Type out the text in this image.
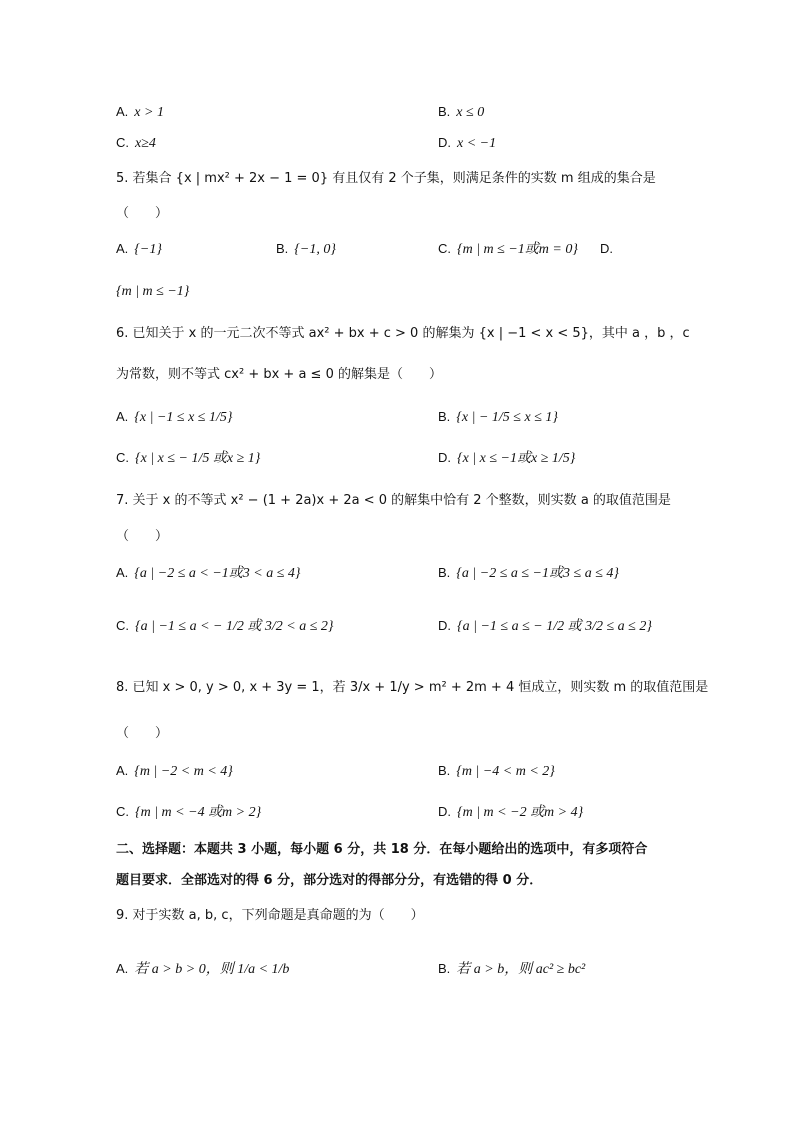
A. x > 1	B. x ≤ 0
C. x≥4	D. x < −1
5. 若集合 {x | mx² + 2x − 1 = 0} 有且仅有 2 个子集，则满足条件的实数 m 组成的集合是
（　　）
A. {−1}	B. {−1, 0}	C. {m | m ≤ −1或m = 0} D.
{m | m ≤ −1}
6. 已知关于 x 的一元二次不等式 ax² + bx + c > 0 的解集为 {x | −1 < x < 5}，其中 a ，b ，c
为常数，则不等式 cx² + bx + a ≤ 0 的解集是（　　）
A. {x | −1 ≤ x ≤ 1/5}	B. {x | − 1/5 ≤ x ≤ 1}
C. {x | x ≤ − 1/5 或x ≥ 1}	D. {x | x ≤ −1或x ≥ 1/5}
7. 关于 x 的不等式 x² − (1 + 2a)x + 2a < 0 的解集中恰有 2 个整数，则实数 a 的取值范围是
（　　）
A. {a | −2 ≤ a < −1或3 < a ≤ 4}	B. {a | −2 ≤ a ≤ −1或3 ≤ a ≤ 4}
C. {a | −1 ≤ a < − 1/2 或 3/2 < a ≤ 2}	D. {a | −1 ≤ a ≤ − 1/2 或 3/2 ≤ a ≤ 2}
8. 已知 x > 0, y > 0, x + 3y = 1，若 3/x + 1/y > m² + 2m + 4 恒成立，则实数 m 的取值范围是
（　　）
A. {m | −2 < m < 4}	B. {m | −4 < m < 2}
C. {m | m < −4 或m > 2}	D. {m | m < −2 或m > 4}
二、选择题：本题共 3 小题，每小题 6 分，共 18 分．在每小题给出的选项中，有多项符合
题目要求．全部选对的得 6 分，部分选对的得部分分，有选错的得 0 分．
9. 对于实数 a, b, c，下列命题是真命题的为（　　）
A. 若 a > b > 0，则 1/a < 1/b	B. 若 a > b，则 ac² ≥ bc²
